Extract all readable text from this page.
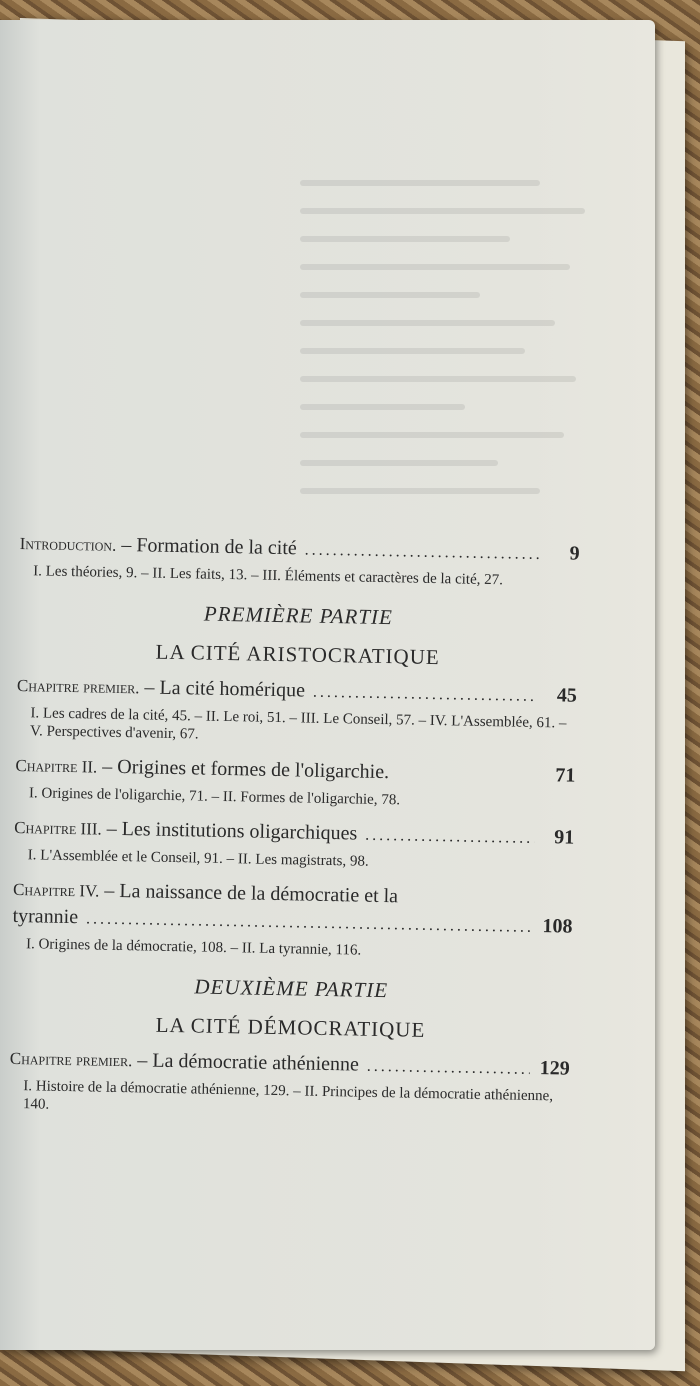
Introduction. – Formation de la cité .....	9
I. Les théories, 9. – II. Les faits, 13. – III. Éléments et caractères de la cité, 27.
PREMIÈRE PARTIE
LA CITÉ ARISTOCRATIQUE
Chapitre premier. – La cité homérique .....	45
I. Les cadres de la cité, 45. – II. Le roi, 51. – III. Le Conseil, 57. – IV. L'Assemblée, 61. – V. Perspectives d'avenir, 67.
Chapitre II. – Origines et formes de l'oligarchie.	71
I. Origines de l'oligarchie, 71. – II. Formes de l'oligarchie, 78.
Chapitre III. – Les institutions oligarchiques .....	91
I. L'Assemblée et le Conseil, 91. – II. Les magistrats, 98.
Chapitre IV. – La naissance de la démocratie et la
tyrannie .....	108
I. Origines de la démocratie, 108. – II. La tyrannie, 116.
DEUXIÈME PARTIE
LA CITÉ DÉMOCRATIQUE
Chapitre premier. – La démocratie athénienne .....	129
I. Histoire de la démocratie athénienne, 129. – II. Principes de la démocratie athénienne, 140.
